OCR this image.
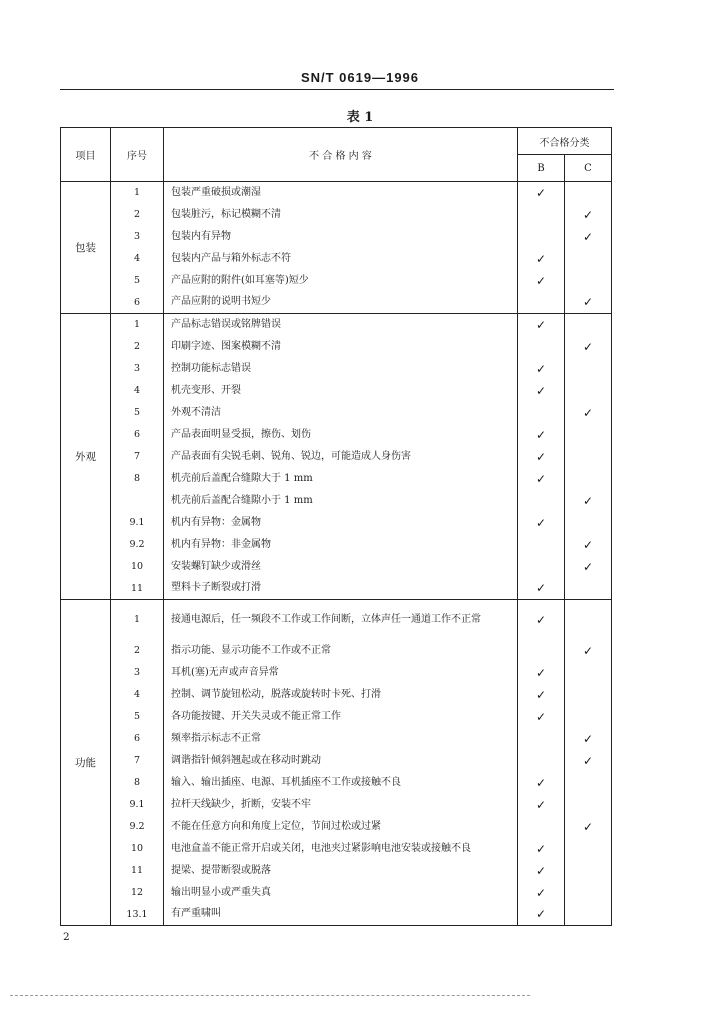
SN/T 0619—1996
表 1
项目	序号	不 合 格 内 容	不合格分类	
			B	C
包装	1	包装严重破损或潮湿	✓	
	2	包装脏污，标记模糊不清		✓
	3	包装内有异物		✓
	4	包装内产品与箱外标志不符	✓	
	5	产品应附的附件(如耳塞等)短少	✓	
	6	产品应附的说明书短少		✓
外观	1	产品标志错误或铭牌错误	✓	
	2	印刷字迹、图案模糊不清		✓
	3	控制功能标志错误	✓	
	4	机壳变形、开裂	✓	
	5	外观不清洁		✓
	6	产品表面明显受损，擦伤、划伤	✓	
	7	产品表面有尖锐毛刺、锐角、锐边，可能造成人身伤害	✓	
	8	机壳前后盖配合缝隙大于 1 mm	✓	
		机壳前后盖配合缝隙小于 1 mm		✓
	9.1	机内有异物：金属物	✓	
	9.2	机内有异物：非金属物		✓
	10	安装螺钉缺少或滑丝		✓
	11	塑料卡子断裂或打滑	✓	
功能	1	接通电源后，任一频段不工作或工作间断，立体声任一通道工作不正常	✓	
	2	指示功能、显示功能不工作或不正常		✓
	3	耳机(塞)无声或声音异常	✓	
	4	控制、调节旋钮松动，脱落或旋转时卡死、打滑	✓	
	5	各功能按键、开关失灵或不能正常工作	✓	
	6	频率指示标志不正常		✓
	7	调谐指针倾斜翘起或在移动时跳动		✓
	8	输入、输出插座、电源、耳机插座不工作或接触不良	✓	
	9.1	拉杆天线缺少，折断，安装不牢	✓	
	9.2	不能在任意方向和角度上定位，节间过松或过紧		✓
	10	电池盒盖不能正常开启或关闭，电池夹过紧影响电池安装或接触不良	✓	
	11	提梁、提带断裂或脱落	✓	
	12	输出明显小或严重失真	✓	
	13.1	有严重啸叫	✓	
2
